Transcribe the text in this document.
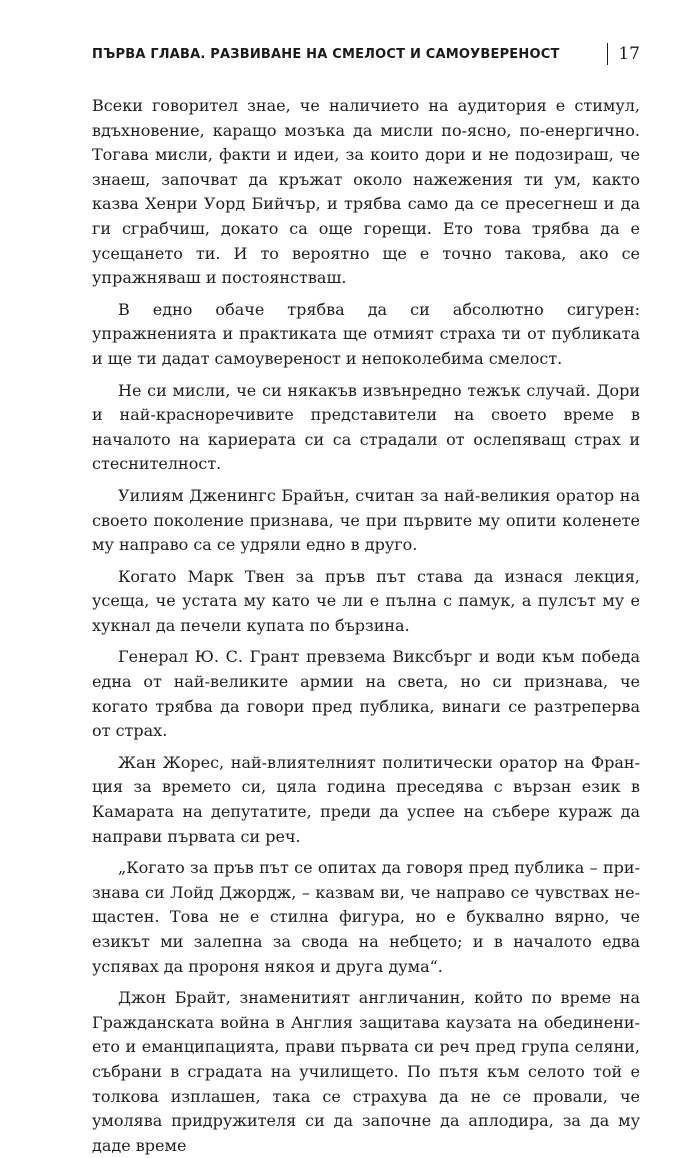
ПЪРВА ГЛАВА. РАЗВИВАНЕ НА СМЕЛОСТ И САМОУВЕРЕНОСТ	17

Всеки говорител знае, че наличието на аудитория е стимул, вдъхновение, каращо мозъка да мисли по-ясно, по-енергично. Тогава мисли, факти и идеи, за които дори и не подозираш, че знаеш, започват да кръжат около нажежения ти ум, както казва Хенри Уорд Бийчър, и трябва само да се пресегнеш и да ги сграбчиш, докато са още горещи. Ето това трябва да е усещането ти. И то вероятно ще е точно такова, ако се упражняваш и постоянстваш.

В едно обаче трябва да си абсолютно сигурен: упражненията и практиката ще отмият страха ти от публиката и ще ти дадат самоувереност и непоколебима смелост.

Не си мисли, че си някакъв извънредно тежък случай. Дори и най-красноречивите представители на своето време в началото на кариерата си са страдали от ослепяващ страх и стеснителност.

Уилиям Дженингс Брайън, считан за най-великия оратор на своето поколение признава, че при първите му опити коленете му направо са се удряли едно в друго.

Когато Марк Твен за пръв път става да изнася лекция, усеща, че устата му като че ли е пълна с памук, а пулсът му е хукнал да печели купата по бързина.

Генерал Ю. С. Грант превзема Виксбърг и води към победа една от най-великите армии на света, но си признава, че когато трябва да говори пред публика, винаги се разтреперва от страх.

Жан Жорес, най-влиятелният политически оратор на Франция за времето си, цяла година преседява с вързан език в Камарата на депутатите, преди да успее на събере кураж да направи първата си реч.

„Когато за пръв път се опитах да говоря пред публика – признава си Лойд Джордж, – казвам ви, че направо се чувствах нещастен. Това не е стилна фигура, но е буквално вярно, че езикът ми залепна за свода на небцето; и в началото едва успявах да пророня някоя и друга дума“.

Джон Брайт, знаменитият англичанин, който по време на Гражданската война в Англия защитава каузата на обединението и еманципацията, прави първата си реч пред група селяни, събрани в сградата на училището. По пътя към селото той е толкова изплашен, така се страхува да не се провали, че умолява придружителя си да започне да аплодира, за да му даде време
